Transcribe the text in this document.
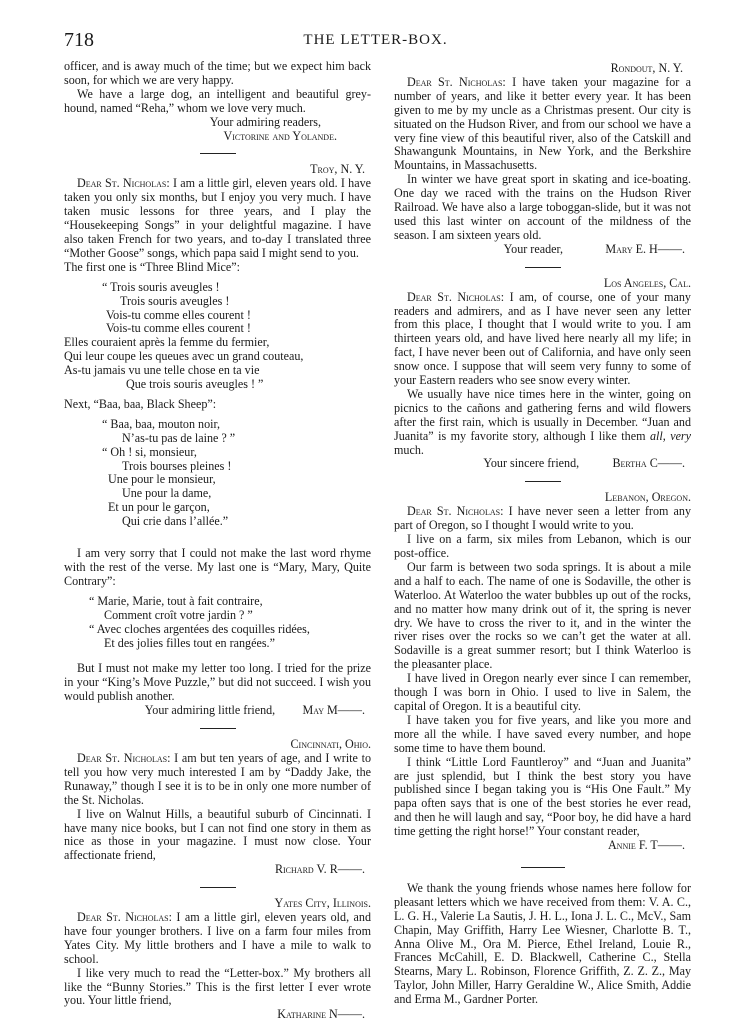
718	THE LETTER-BOX.

officer, and is away much of the time; but we expect him back soon, for which we are very happy.

We have a large dog, an intelligent and beautiful grey-hound, named “Reha,” whom we love very much.

Your admiring readers,
Victorine and Yolande.
Troy, N. Y.

Dear St. Nicholas: I am a little girl, eleven years old. I have taken you only six months, but I enjoy you very much. I have taken music lessons for three years, and I play the “Housekeeping Songs” in your delightful magazine. I have also taken French for two years, and to-day I translated three “Mother Goose” songs, which papa said I might send to you.

The first one is “Three Blind Mice”:

“ Trois souris aveugles !
Trois souris aveugles !
Vois-tu comme elles courent !
Vois-tu comme elles courent !
Elles couraient après la femme du fermier,
Qui leur coupe les queues avec un grand couteau,
As-tu jamais vu une telle chose en ta vie
Que trois souris aveugles ! ”

Next, “Baa, baa, Black Sheep”:

“ Baa, baa, mouton noir,
N’as-tu pas de laine ? ”
“ Oh ! si, monsieur,
Trois bourses pleines !
Une pour le monsieur,
Une pour la dame,
Et un pour le garçon,
Qui crie dans l’allée.”

I am very sorry that I could not make the last word rhyme with the rest of the verse. My last one is “Mary, Mary, Quite Contrary”:

“ Marie, Marie, tout à fait contraire,
Comment croît votre jardin ? ”
“ Avec cloches argentées des coquilles ridées,
Et des jolies filles tout en rangées.”

But I must not make my letter too long. I tried for the prize in your “King’s Move Puzzle,” but did not succeed. I wish you would publish another.

Your admiring little friend, May M——.
Cincinnati, Ohio.

Dear St. Nicholas: I am but ten years of age, and I write to tell you how very much interested I am by “Daddy Jake, the Runaway,” though I see it is to be in only one more number of the St. Nicholas.

I live on Walnut Hills, a beautiful suburb of Cincinnati. I have many nice books, but I can not find one story in them as nice as those in your magazine. I must now close. Your affectionate friend,

Richard V. R——.
Yates City, Illinois.

Dear St. Nicholas: I am a little girl, eleven years old, and have four younger brothers. I live on a farm four miles from Yates City. My little brothers and I have a mile to walk to school.

I like very much to read the “Letter-box.” My brothers all like the “Bunny Stories.” This is the first letter I ever wrote you. Your little friend,

Katharine N——.
Rondout, N. Y.

Dear St. Nicholas: I have taken your magazine for a number of years, and like it better every year. It has been given to me by my uncle as a Christmas present. Our city is situated on the Hudson River, and from our school we have a very fine view of this beautiful river, also of the Catskill and Shawangunk Mountains, in New York, and the Berkshire Mountains, in Massachusetts.

In winter we have great sport in skating and ice-boating. One day we raced with the trains on the Hudson River Railroad. We have also a large toboggan-slide, but it was not used this last winter on account of the mildness of the season. I am sixteen years old.

Your reader,	Mary E. H——.
Los Angeles, Cal.

Dear St. Nicholas: I am, of course, one of your many readers and admirers, and as I have never seen any letter from this place, I thought that I would write to you. I am thirteen years old, and have lived here nearly all my life; in fact, I have never been out of California, and have only seen snow once. I suppose that will seem very funny to some of your Eastern readers who see snow every winter.

We usually have nice times here in the winter, going on picnics to the cañons and gathering ferns and wild flowers after the first rain, which is usually in December. “Juan and Juanita” is my favorite story, although I like them all, very much.

Your sincere friend,	Bertha C——.
Lebanon, Oregon.

Dear St. Nicholas: I have never seen a letter from any part of Oregon, so I thought I would write to you.

I live on a farm, six miles from Lebanon, which is our post-office.

Our farm is between two soda springs. It is about a mile and a half to each. The name of one is Sodaville, the other is Waterloo. At Waterloo the water bubbles up out of the rocks, and no matter how many drink out of it, the spring is never dry. We have to cross the river to it, and in the winter the river rises over the rocks so we can’t get the water at all. Sodaville is a great summer resort; but I think Waterloo is the pleasanter place.

I have lived in Oregon nearly ever since I can remember, though I was born in Ohio. I used to live in Salem, the capital of Oregon. It is a beautiful city.

I have taken you for five years, and like you more and more all the while. I have saved every number, and hope some time to have them bound.

I think “Little Lord Fauntleroy” and “Juan and Juanita” are just splendid, but I think the best story you have published since I began taking you is “His One Fault.” My papa often says that is one of the best stories he ever read, and then he will laugh and say, “Poor boy, he did have a hard time getting the right horse!” Your constant reader,

Annie F. T——.

We thank the young friends whose names here follow for pleasant letters which we have received from them: V. A. C., L. G. H., Valerie La Sautis, J. H. L., Iona J. L. C., McV., Sam Chapin, May Griffith, Harry Lee Wiesner, Charlotte B. T., Anna Olive M., Ora M. Pierce, Ethel Ireland, Louie R., Frances McCahill, E. D. Blackwell, Catherine C., Stella Stearns, Mary L. Robinson, Florence Griffith, Z. Z. Z., May Taylor, John Miller, Harry Geraldine W., Alice Smith, Addie and Erma M., Gardner Porter.
